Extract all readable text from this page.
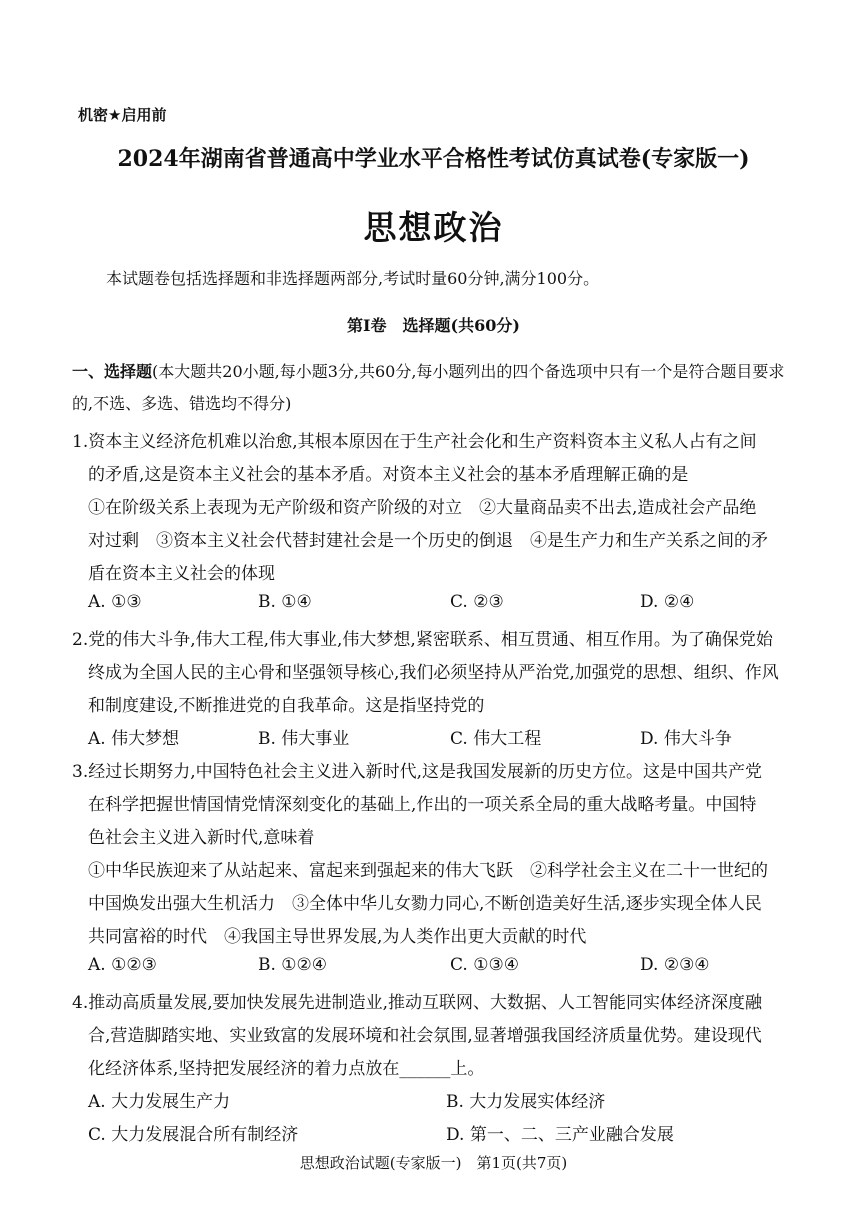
机密★启用前
2024年湖南省普通高中学业水平合格性考试仿真试卷(专家版一)
思想政治
本试题卷包括选择题和非选择题两部分,考试时量60分钟,满分100分。
第Ⅰ卷　选择题(共60分)
一、选择题(本大题共20小题,每小题3分,共60分,每小题列出的四个备选项中只有一个是符合题目要求的,不选、多选、错选均不得分)
1.资本主义经济危机难以治愈,其根本原因在于生产社会化和生产资料资本主义私人占有之间
的矛盾,这是资本主义社会的基本矛盾。对资本主义社会的基本矛盾理解正确的是
①在阶级关系上表现为无产阶级和资产阶级的对立　②大量商品卖不出去,造成社会产品绝
对过剩　③资本主义社会代替封建社会是一个历史的倒退　④是生产力和生产关系之间的矛
盾在资本主义社会的体现
A. ①③	B. ①④	C. ②③	D. ②④
2.党的伟大斗争,伟大工程,伟大事业,伟大梦想,紧密联系、相互贯通、相互作用。为了确保党始
终成为全国人民的主心骨和坚强领导核心,我们必须坚持从严治党,加强党的思想、组织、作风
和制度建设,不断推进党的自我革命。这是指坚持党的
A. 伟大梦想	B. 伟大事业	C. 伟大工程	D. 伟大斗争
3.经过长期努力,中国特色社会主义进入新时代,这是我国发展新的历史方位。这是中国共产党
在科学把握世情国情党情深刻变化的基础上,作出的一项关系全局的重大战略考量。中国特
色社会主义进入新时代,意味着
①中华民族迎来了从站起来、富起来到强起来的伟大飞跃　②科学社会主义在二十一世纪的
中国焕发出强大生机活力　③全体中华儿女勠力同心,不断创造美好生活,逐步实现全体人民
共同富裕的时代　④我国主导世界发展,为人类作出更大贡献的时代
A. ①②③	B. ①②④	C. ①③④	D. ②③④
4.推动高质量发展,要加快发展先进制造业,推动互联网、大数据、人工智能同实体经济深度融
合,营造脚踏实地、实业致富的发展环境和社会氛围,显著增强我国经济质量优势。建设现代
化经济体系,坚持把发展经济的着力点放在______上。
A. 大力发展生产力	B. 大力发展实体经济
C. 大力发展混合所有制经济	D. 第一、二、三产业融合发展
思想政治试题(专家版一)　第1页(共7页)
